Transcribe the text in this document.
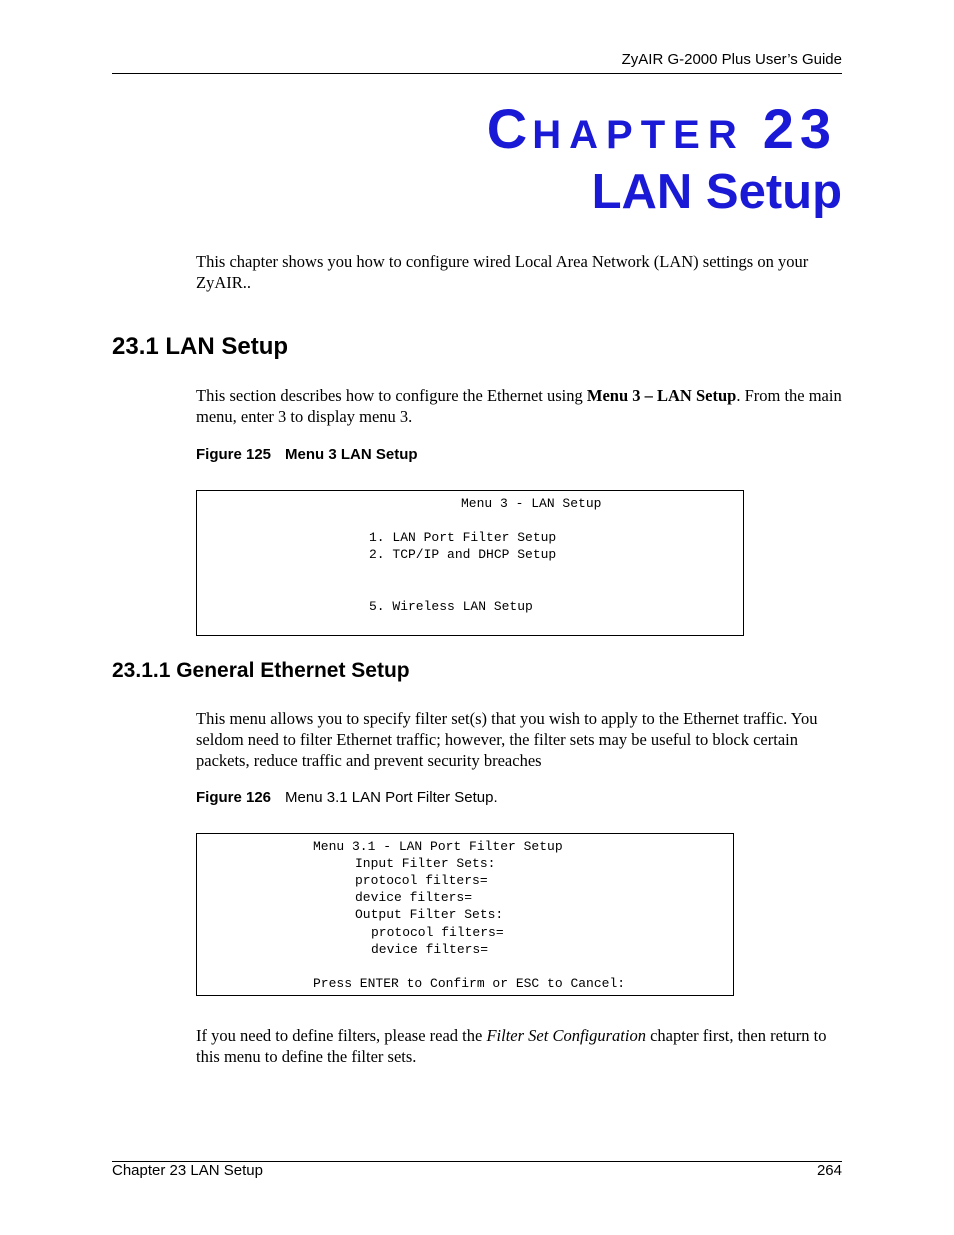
ZyAIR G-2000 Plus User’s Guide
CHAPTER 23
LAN Setup
This chapter shows you how to configure wired Local Area Network (LAN) settings on your ZyAIR..
23.1 LAN Setup
This section describes how to configure the Ethernet using Menu 3 – LAN Setup. From the main menu, enter 3 to display menu 3.
Figure 125 Menu 3 LAN Setup
Menu 3 - LAN Setup
1. LAN Port Filter Setup
2. TCP/IP and DHCP Setup
5. Wireless LAN Setup
23.1.1 General Ethernet Setup
This menu allows you to specify filter set(s) that you wish to apply to the Ethernet traffic. You seldom need to filter Ethernet traffic; however, the filter sets may be useful to block certain packets, reduce traffic and prevent security breaches
Figure 126 Menu 3.1 LAN Port Filter Setup.
Menu 3.1 - LAN Port Filter Setup
Input Filter Sets:
protocol filters=
device filters=
Output Filter Sets:
protocol filters=
device filters=
Press ENTER to Confirm or ESC to Cancel:
If you need to define filters, please read the Filter Set Configuration chapter first, then return to this menu to define the filter sets.
Chapter 23 LAN Setup	264
